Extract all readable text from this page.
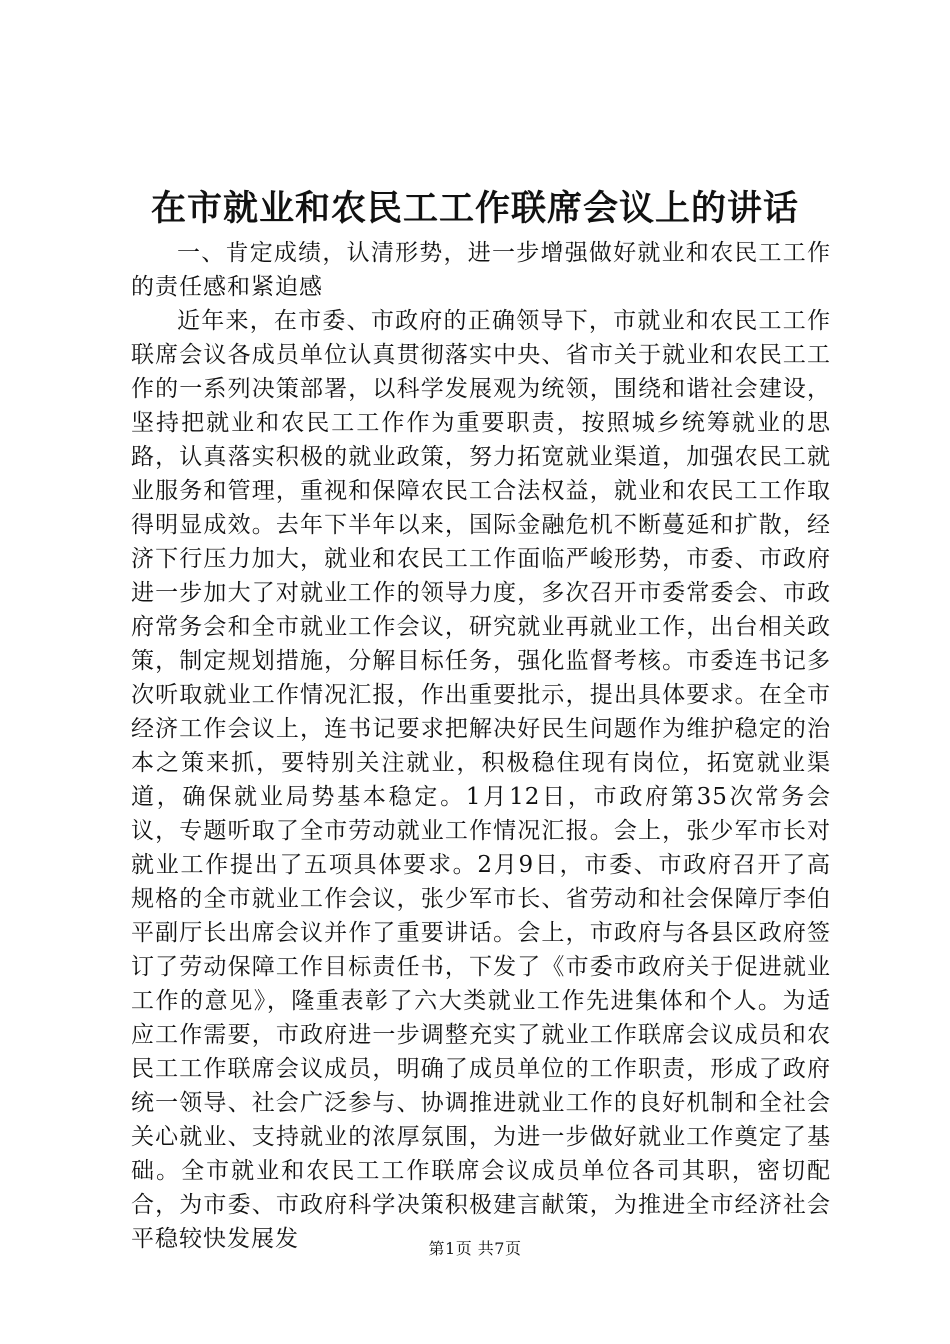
在市就业和农民工工作联席会议上的讲话

一、肯定成绩，认清形势，进一步增强做好就业和农民工工作的责任感和紧迫感

近年来，在市委、市政府的正确领导下，市就业和农民工工作联席会议各成员单位认真贯彻落实中央、省市关于就业和农民工工作的一系列决策部署，以科学发展观为统领，围绕和谐社会建设，坚持把就业和农民工工作作为重要职责，按照城乡统筹就业的思路，认真落实积极的就业政策，努力拓宽就业渠道，加强农民工就业服务和管理，重视和保障农民工合法权益，就业和农民工工作取得明显成效。去年下半年以来，国际金融危机不断蔓延和扩散，经济下行压力加大，就业和农民工工作面临严峻形势，市委、市政府进一步加大了对就业工作的领导力度，多次召开市委常委会、市政府常务会和全市就业工作会议，研究就业再就业工作，出台相关政策，制定规划措施，分解目标任务，强化监督考核。市委连书记多次听取就业工作情况汇报，作出重要批示，提出具体要求。在全市经济工作会议上，连书记要求把解决好民生问题作为维护稳定的治本之策来抓，要特别关注就业，积极稳住现有岗位，拓宽就业渠道，确保就业局势基本稳定。1月12日，市政府第35次常务会议，专题听取了全市劳动就业工作情况汇报。会上，张少军市长对就业工作提出了五项具体要求。2月9日，市委、市政府召开了高规格的全市就业工作会议，张少军市长、省劳动和社会保障厅李伯平副厅长出席会议并作了重要讲话。会上，市政府与各县区政府签订了劳动保障工作目标责任书，下发了《市委市政府关于促进就业工作的意见》，隆重表彰了六大类就业工作先进集体和个人。为适应工作需要，市政府进一步调整充实了就业工作联席会议成员和农民工工作联席会议成员，明确了成员单位的工作职责，形成了政府统一领导、社会广泛参与、协调推进就业工作的良好机制和全社会关心就业、支持就业的浓厚氛围，为进一步做好就业工作奠定了基础。全市就业和农民工工作联席会议成员单位各司其职，密切配合，为市委、市政府科学决策积极建言献策，为推进全市经济社会平稳较快发展发	第1页 共7页
